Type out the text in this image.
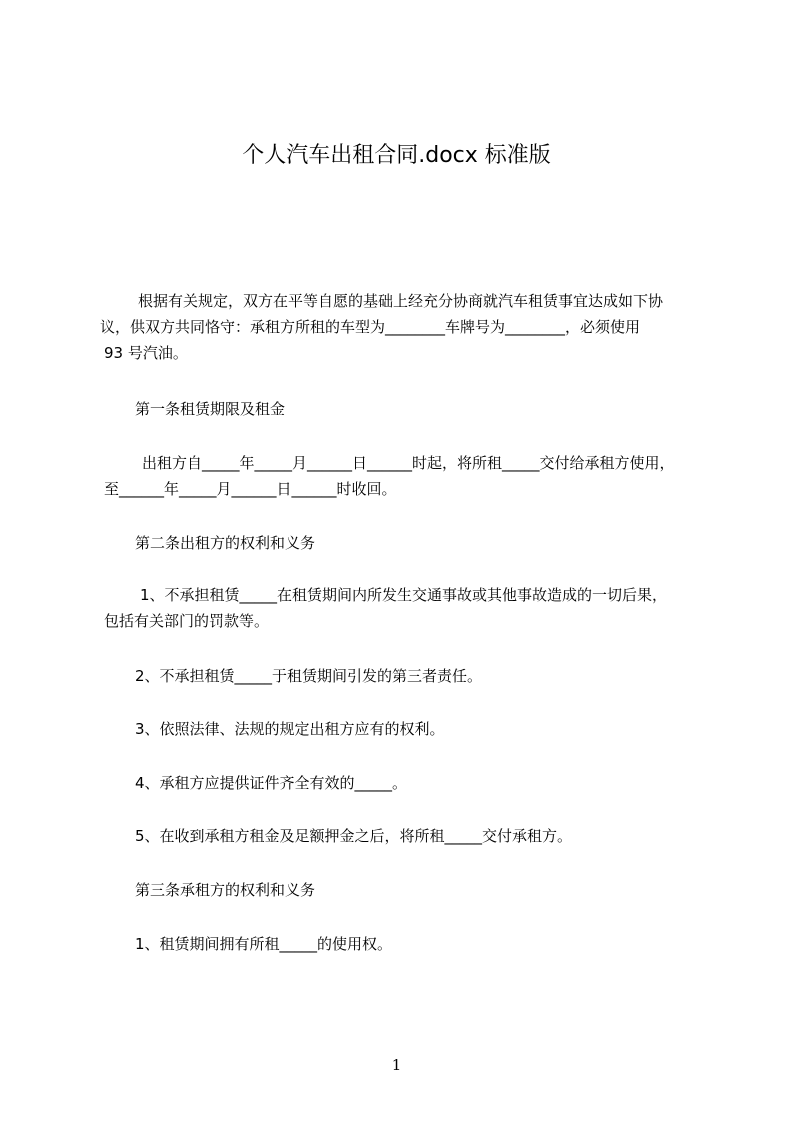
个人汽车出租合同.docx 标准版
根据有关规定，双方在平等自愿的基础上经充分协商就汽车租赁事宜达成如下协
议，供双方共同恪守：承租方所租的车型为________车牌号为________，必须使用
93 号汽油。
第一条租赁期限及租金
出租方自_____年_____月______日______时起，将所租_____交付给承租方使用，
至______年_____月______日______时收回。
第二条出租方的权利和义务
1、不承担租赁_____在租赁期间内所发生交通事故或其他事故造成的一切后果，
包括有关部门的罚款等。
2、不承担租赁_____于租赁期间引发的第三者责任。
3、依照法律、法规的规定出租方应有的权利。
4、承租方应提供证件齐全有效的_____。
5、在收到承租方租金及足额押金之后，将所租_____交付承租方。
第三条承租方的权利和义务
1、租赁期间拥有所租_____的使用权。
1
